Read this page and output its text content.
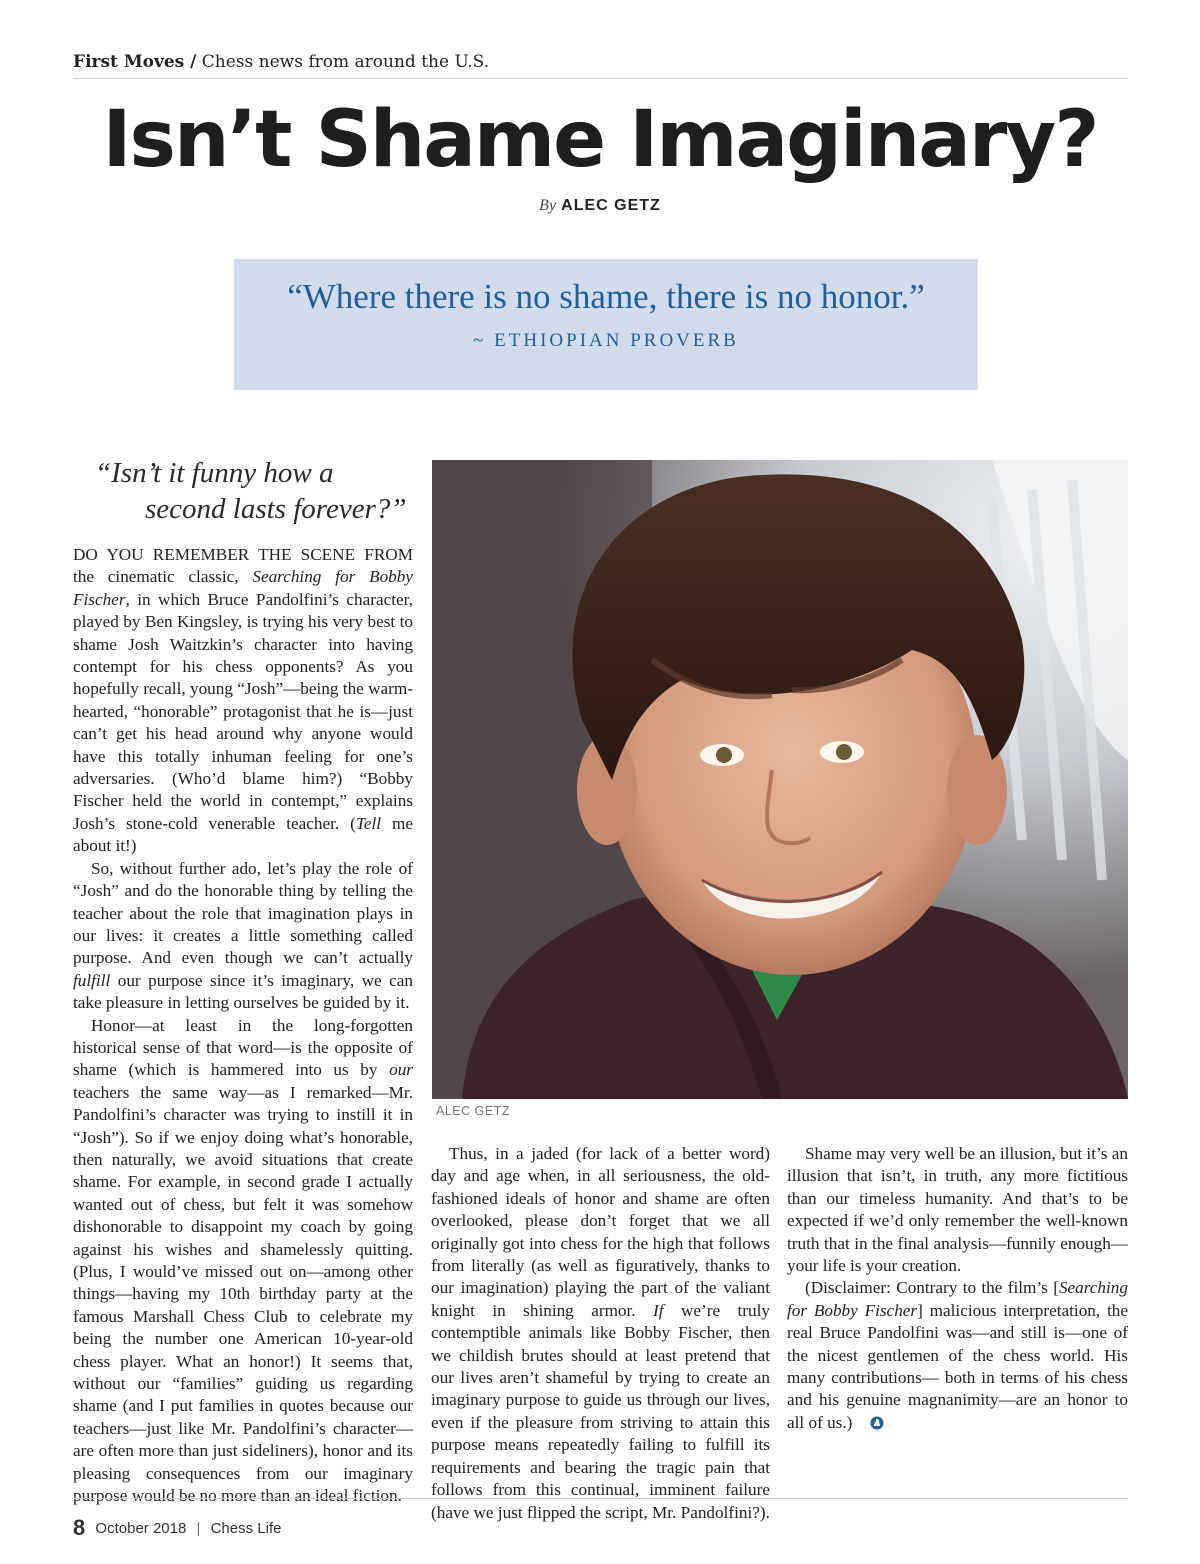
First Moves / Chess news from around the U.S.
Isn’t Shame Imaginary?
By ALEC GETZ
“Where there is no shame, there is no honor.”
~ ETHIOPIAN PROVERB
“Isn’t it funny how a
second lasts forever?”

DO YOU REMEMBER THE SCENE FROM the cinematic classic, Searching for Bobby Fischer, in which Bruce Pandolfini’s character, played by Ben Kingsley, is trying his very best to shame Josh Waitzkin’s character into having contempt for his chess opponents? As you hopefully recall, young “Josh”—being the warm-hearted, “honorable” protagonist that he is—just can’t get his head around why anyone would have this totally inhuman feeling for one’s adversaries. (Who’d blame him?) “Bobby Fischer held the world in contempt,” explains Josh’s stone-cold venerable teacher. (Tell me about it!)

So, without further ado, let’s play the role of “Josh” and do the honorable thing by telling the teacher about the role that imagination plays in our lives: it creates a little something called purpose. And even though we can’t actually fulfill our purpose since it’s imaginary, we can take pleasure in letting ourselves be guided by it.

Honor—at least in the long-forgotten historical sense of that word—is the opposite of shame (which is hammered into us by our teachers the same way—as I remarked—Mr. Pandolfini’s character was trying to instill it in “Josh”). So if we enjoy doing what’s honorable, then naturally, we avoid situations that create shame. For example, in second grade I actually wanted out of chess, but felt it was somehow dishonorable to disappoint my coach by going against his wishes and shamelessly quitting. (Plus, I would’ve missed out on—among other things—having my 10th birthday party at the famous Marshall Chess Club to celebrate my being the number one American 10-year-old chess player. What an honor!) It seems that, without our “families” guiding us regarding shame (and I put families in quotes because our teachers—just like Mr. Pandolfini’s character—are often more than just sideliners), honor and its pleasing consequences from our imaginary purpose would be no more than an ideal fiction.

ALEC GETZ

Thus, in a jaded (for lack of a better word) day and age when, in all seriousness, the old-fashioned ideals of honor and shame are often overlooked, please don’t forget that we all originally got into chess for the high that follows from literally (as well as figuratively, thanks to our imagination) playing the part of the valiant knight in shining armor. If we’re truly contemptible animals like Bobby Fischer, then we childish brutes should at least pretend that our lives aren’t shameful by trying to create an imaginary purpose to guide us through our lives, even if the pleasure from striving to attain this purpose means repeatedly failing to fulfill its requirements and bearing the tragic pain that follows from this continual, imminent failure (have we just flipped the script, Mr. Pandolfini?).

Shame may very well be an illusion, but it’s an illusion that isn’t, in truth, any more fictitious than our timeless humanity. And that’s to be expected if we’d only remember the well-known truth that in the final analysis—funnily enough—your life is your creation.

(Disclaimer: Contrary to the film’s [Searching for Bobby Fischer] malicious interpretation, the real Bruce Pandolfini was—and still is—one of the nicest gentlemen of the chess world. His many contributions— both in terms of his chess and his genuine magnanimity—are an honor to all of us.)

8 October 2018 | Chess Life
